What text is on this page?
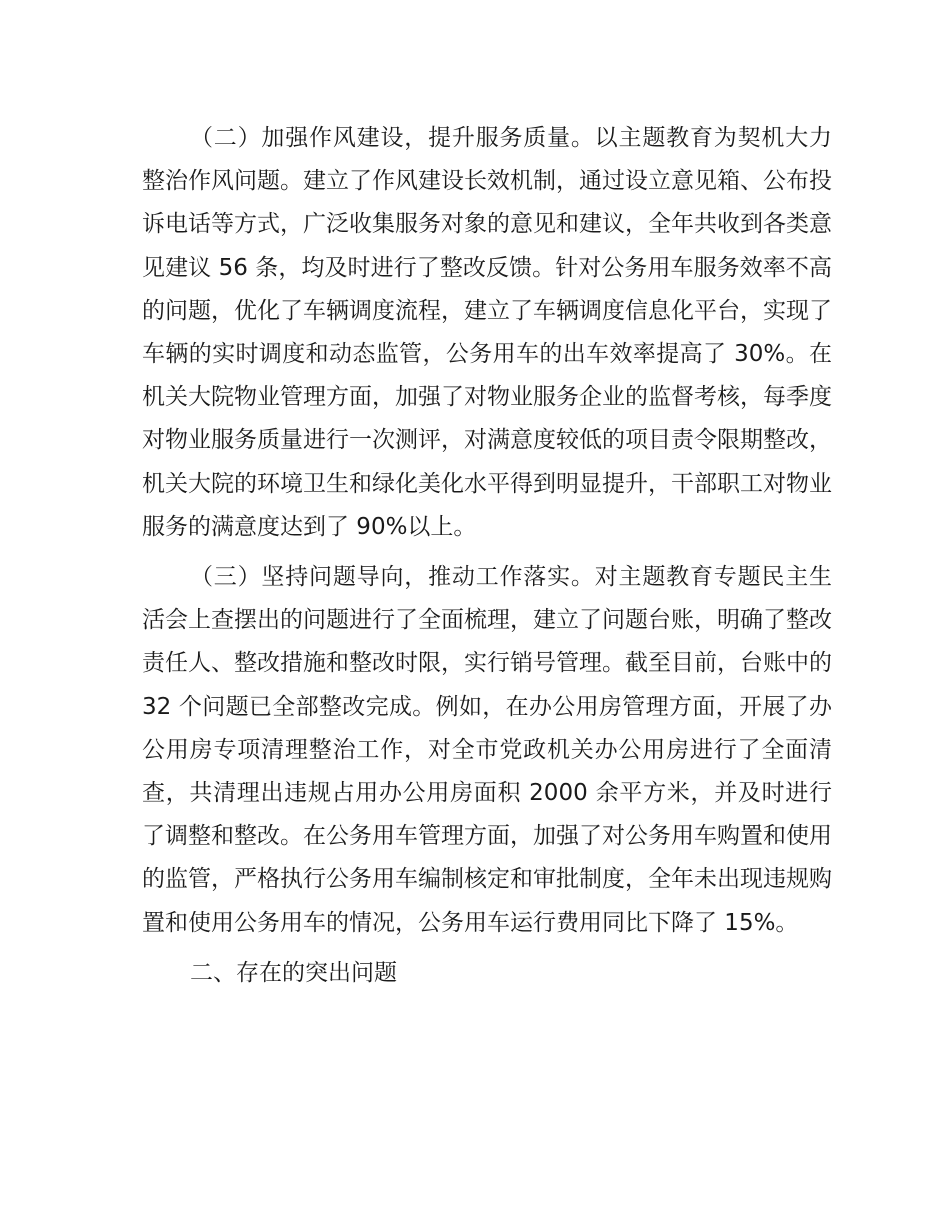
（二）加强作风建设，提升服务质量。以主题教育为契机大力整治作风问题。建立了作风建设长效机制，通过设立意见箱、公布投诉电话等方式，广泛收集服务对象的意见和建议，全年共收到各类意见建议 56 条，均及时进行了整改反馈。针对公务用车服务效率不高的问题，优化了车辆调度流程，建立了车辆调度信息化平台，实现了车辆的实时调度和动态监管，公务用车的出车效率提高了 30%。在机关大院物业管理方面，加强了对物业服务企业的监督考核，每季度对物业服务质量进行一次测评，对满意度较低的项目责令限期整改，机关大院的环境卫生和绿化美化水平得到明显提升，干部职工对物业服务的满意度达到了 90%以上。

（三）坚持问题导向，推动工作落实。对主题教育专题民主生活会上查摆出的问题进行了全面梳理，建立了问题台账，明确了整改责任人、整改措施和整改时限，实行销号管理。截至目前，台账中的 32 个问题已全部整改完成。例如，在办公用房管理方面，开展了办公用房专项清理整治工作，对全市党政机关办公用房进行了全面清查，共清理出违规占用办公用房面积 2000 余平方米，并及时进行了调整和整改。在公务用车管理方面，加强了对公务用车购置和使用的监管，严格执行公务用车编制核定和审批制度，全年未出现违规购置和使用公务用车的情况，公务用车运行费用同比下降了 15%。

二、存在的突出问题
